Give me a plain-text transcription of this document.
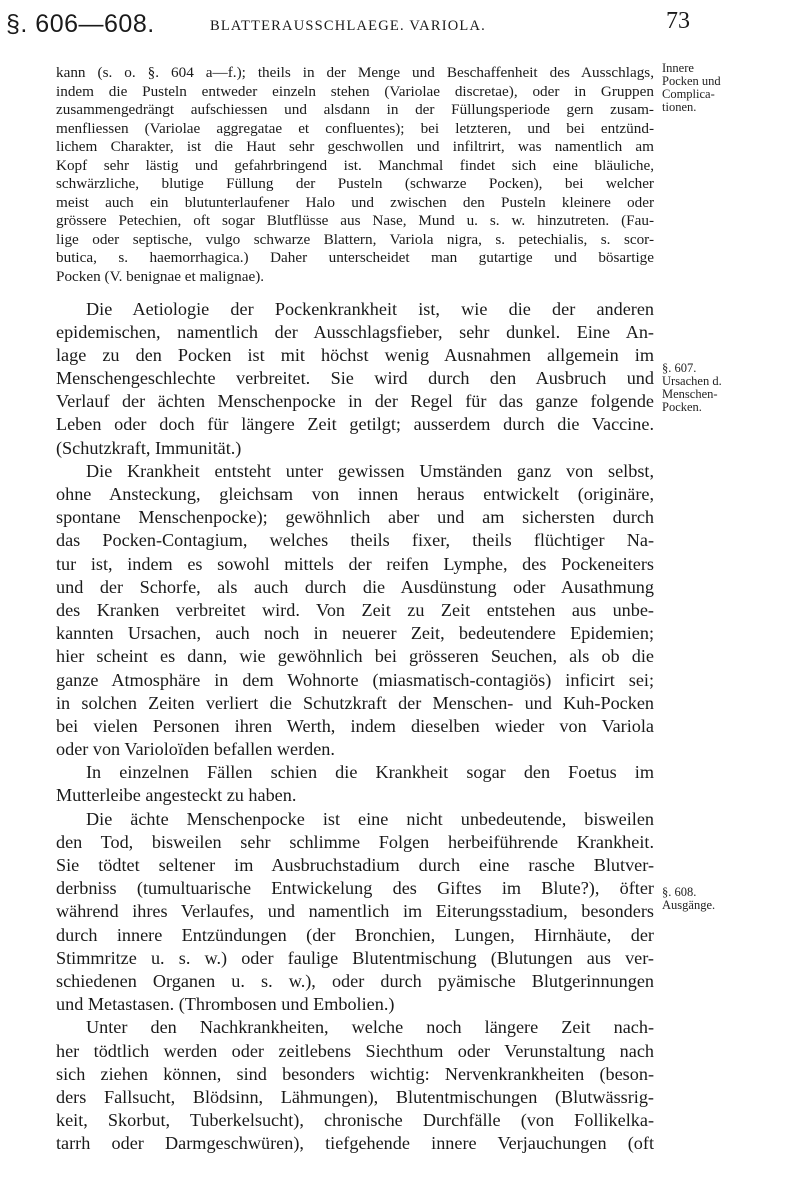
§. 606—608.	BLATTERAUSSCHLAEGE. VARIOLA.	73
kann (s. o. §. 604 a—f.); theils in der Menge und Beschaffenheit des Ausschlags,
indem die Pusteln entweder einzeln stehen (Variolae discretae), oder in Gruppen
zusammengedrängt aufschiessen und alsdann in der Füllungsperiode gern zusam-
menfliessen (Variolae aggregatae et confluentes); bei letzteren, und bei entzünd-
lichem Charakter, ist die Haut sehr geschwollen und infiltrirt, was namentlich am
Kopf sehr lästig und gefahrbringend ist. Manchmal findet sich eine bläuliche,
schwärzliche, blutige Füllung der Pusteln (schwarze Pocken), bei welcher
meist auch ein blutunterlaufener Halo und zwischen den Pusteln kleinere oder
grössere Petechien, oft sogar Blutflüsse aus Nase, Mund u. s. w. hinzutreten. (Fau-
lige oder septische, vulgo schwarze Blattern, Variola nigra, s. petechialis, s. scor-
butica, s. haemorrhagica.) Daher unterscheidet man gutartige und bösartige
Pocken (V. benignae et malignae).
Die Aetiologie der Pockenkrankheit ist, wie die der anderen
epidemischen, namentlich der Ausschlagsfieber, sehr dunkel. Eine An-
lage zu den Pocken ist mit höchst wenig Ausnahmen allgemein im
Menschengeschlechte verbreitet. Sie wird durch den Ausbruch und
Verlauf der ächten Menschenpocke in der Regel für das ganze folgende
Leben oder doch für längere Zeit getilgt; ausserdem durch die Vaccine.
(Schutzkraft, Immunität.)
Die Krankheit entsteht unter gewissen Umständen ganz von selbst,
ohne Ansteckung, gleichsam von innen heraus entwickelt (originäre,
spontane Menschenpocke); gewöhnlich aber und am sichersten durch
das Pocken-Contagium, welches theils fixer, theils flüchtiger Na-
tur ist, indem es sowohl mittels der reifen Lymphe, des Pockeneiters
und der Schorfe, als auch durch die Ausdünstung oder Ausathmung
des Kranken verbreitet wird. Von Zeit zu Zeit entstehen aus unbe-
kannten Ursachen, auch noch in neuerer Zeit, bedeutendere Epidemien;
hier scheint es dann, wie gewöhnlich bei grösseren Seuchen, als ob die
ganze Atmosphäre in dem Wohnorte (miasmatisch-contagiös) inficirt sei;
in solchen Zeiten verliert die Schutzkraft der Menschen- und Kuh-Pocken
bei vielen Personen ihren Werth, indem dieselben wieder von Variola
oder von Varioloïden befallen werden.
In einzelnen Fällen schien die Krankheit sogar den Foetus im
Mutterleibe angesteckt zu haben.
Die ächte Menschenpocke ist eine nicht unbedeutende, bisweilen
den Tod, bisweilen sehr schlimme Folgen herbeiführende Krankheit.
Sie tödtet seltener im Ausbruchstadium durch eine rasche Blutver-
derbniss (tumultuarische Entwickelung des Giftes im Blute?), öfter
während ihres Verlaufes, und namentlich im Eiterungsstadium, besonders
durch innere Entzündungen (der Bronchien, Lungen, Hirnhäute, der
Stimmritze u. s. w.) oder faulige Blutentmischung (Blutungen aus ver-
schiedenen Organen u. s. w.), oder durch pyämische Blutgerinnungen
und Metastasen. (Thrombosen und Embolien.)
Unter den Nachkrankheiten, welche noch längere Zeit nach-
her tödtlich werden oder zeitlebens Siechthum oder Verunstaltung nach
sich ziehen können, sind besonders wichtig: Nervenkrankheiten (beson-
ders Fallsucht, Blödsinn, Lähmungen), Blutentmischungen (Blutwässrig-
keit, Skorbut, Tuberkelsucht), chronische Durchfälle (von Follikelka-
tarrh oder Darmgeschwüren), tiefgehende innere Verjauchungen (oft
Innere
Pocken und
Complica-
tionen.
§. 607.
Ursachen d.
Menschen-
Pocken.
§. 608.
Ausgänge.
